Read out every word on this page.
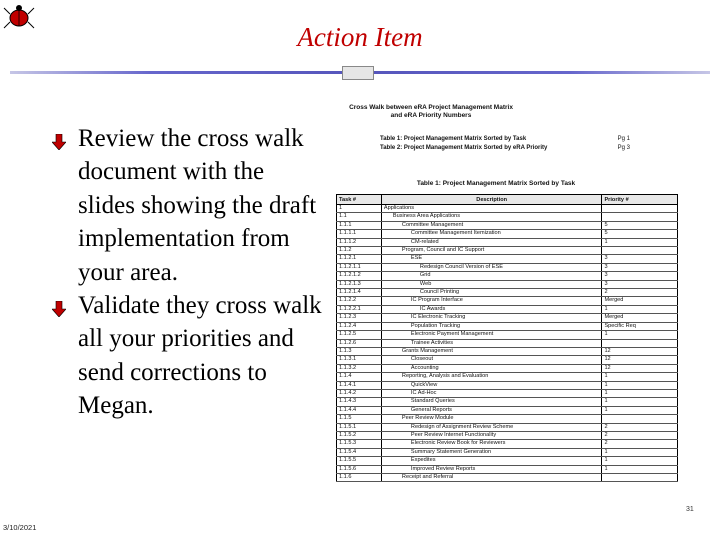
Action Item
Review the cross walk document with the slides showing the draft implementation from your area.
Validate they cross walk all your priorities and send corrections to Megan.
Cross Walk between eRA Project Management Matrix
and eRA Priority Numbers
Table 1: Project Management Matrix Sorted by Task	Pg 1
Table 2: Project Management Matrix Sorted by eRA Priority	Pg 3
Table 1: Project Management Matrix Sorted by Task
Task #	Description	Priority #
1	Applications	
1.1	Business Area Applications	
1.1.1	Committee Management	5
1.1.1.1	Committee Management Itemization	5
1.1.1.2	CM-related	1
1.1.2	Program, Council and IC Support	
1.1.2.1	ESE	3
1.1.2.1.1	Redesign Council Version of ESE	3
1.1.2.1.2	Grid	3
1.1.2.1.3	Web	3
1.1.2.1.4	Council Printing	2
1.1.2.2	IC Program Interface	Merged
1.1.2.2.1	IC Awards	1
1.1.2.3	IC Electronic Tracking	Merged
1.1.2.4	Population Tracking	Specific Req
1.1.2.5	Electronic Payment Management	1
1.1.2.6	Trainee Activities	
1.1.3	Grants Management	12
1.1.3.1	Closeout	12
1.1.3.2	Accounting	12
1.1.4	Reporting, Analysis and Evaluation	1
1.1.4.1	QuickView	1
1.1.4.2	IC Ad-Hoc	1
1.1.4.3	Standard Queries	1
1.1.4.4	General Reports	1
1.1.5	Peer Review Module	
1.1.5.1	Redesign of Assignment Review Scheme	2
1.1.5.2	Peer Review Internet Functionality	2
1.1.5.3	Electronic Review Book for Reviewers	2
1.1.5.4	Summary Statement Generation	1
1.1.5.5	Expedites	1
1.1.5.6	Improved Review Reports	1
1.1.6	Receipt and Referral	
31
3/10/2021
